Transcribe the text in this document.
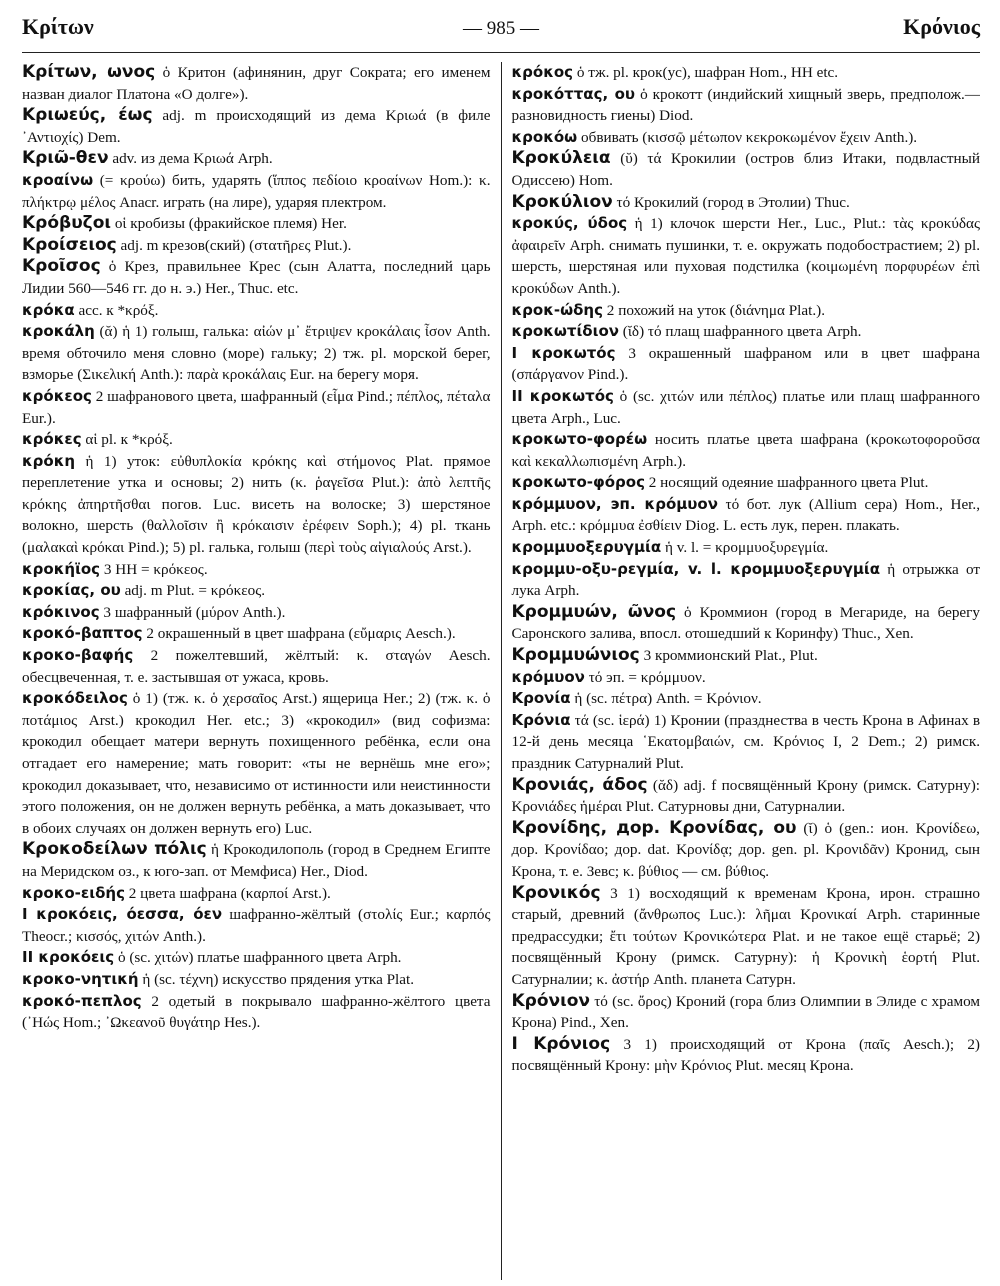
Κρίτων	— 985 —	Κρόνιος

Κρίτων, ωνος ὁ Критон (афинянин, друг Сократа; его именем назван диалог Платона «О долге»).

Κριωεύς, έως adj. m происходящий из дема Κριωά (в филе ᾿Αντιοχίς) Dem.

Κριῶ-θεν adv. из дема Κριωά Arph.

κροαίνω (= κρούω) бить, ударять (ἵππος πεδίοιο κροαίνων Hom.): κ. πλήκτρῳ μέλος Anacr. играть (на лире), ударяя плектром.

Κρόβυζοι οἱ кробизы (фракийское племя) Her.

Κροίσειος adj. m крезов(ский) (στατῆρες Plut.).

Κροῖσος ὁ Крез, правильнее Крес (сын Алатта, последний царь Лидии 560—546 гг. до н. э.) Her., Thuc. etc.

κρόκα acc. к *κρόξ.

κροκάλη (ᾰ) ἡ 1) голыш, галька: αἰών μ᾿ ἔτριψεν κροκάλαις ἶσον Anth. время обточило меня словно (море) гальку; 2) тж. pl. морской берег, взморье (Σικελική Anth.): παρὰ κροκάλαις Eur. на берегу моря.

κρόκεος 2 шафранового цвета, шафранный (εἷμα Pind.; πέπλος, πέταλα Eur.).

κρόκες αἱ pl. к *κρόξ.

κρόκη ἡ 1) уток: εὐθυπλοκία κρόκης καὶ στήμονος Plat. прямое переплетение утка и основы; 2) нить (κ. ῥαγεῖσα Plut.): ἀπὸ λεπτῆς κρόκης ἀπηρτῆσθαι погов. Luc. висеть на волоске; 3) шерстяное волокно, шерсть (θαλλοῖσιν ἢ κρόκαισιν ἐρέφειν Soph.); 4) pl. ткань (μαλακαὶ κρόκαι Pind.); 5) pl. галька, голыш (περὶ τοὺς αἰγιαλούς Arst.).

κροκήϊος 3 HH = κρόκεος.

κροκίας, ου adj. m Plut. = κρόκεος.

κρόκινος 3 шафранный (μύρον Anth.).

κροκό-βαπτος 2 окрашенный в цвет шафрана (εὔμαρις Aesch.).

κροκο-βαφής 2 пожелтевший, жёлтый: κ. σταγών Aesch. обесцвеченная, т. е. застывшая от ужаса, кровь.

κροκόδειλος ὁ 1) (тж. κ. ὁ χερσαῖος Arst.) ящерица Her.; 2) (тж. κ. ὁ ποτάμιος Arst.) крокодил Her. etc.; 3) «крокодил» (вид софизма: крокодил обещает матери вернуть похищенного ребёнка, если она отгадает его намерение; мать говорит: «ты не вернёшь мне его»; крокодил доказывает, что, независимо от истинности или неистинности этого положения, он не должен вернуть ребёнка, а мать доказывает, что в обоих случаях он должен вернуть его) Luc.

Κροκοδείλων πόλις ἡ Крокодилополь (город в Среднем Египте на Меридском оз., к юго-зап. от Мемфиса) Her., Diod.

κροκο-ειδής 2 цвета шафрана (καρποί Arst.).

I κροκόεις, όεσσα, όεν шафранно-жёлтый (στολίς Eur.; καρπός Theocr.; κισσός, χιτών Anth.).

II κροκόεις ὁ (sc. χιτών) платье шафранного цвета Arph.

κροκο-νητική ἡ (sc. τέχνη) искусство прядения утка Plat.

κροκό-πεπλος 2 одетый в покрывало шафранно-жёлтого цвета (᾿Ηώς Hom.; ᾿Ωκεανοῦ θυγάτηρ Hes.).

κρόκος ὁ тж. pl. крок(ус), шафран Hom., HH etc.

κροκόττας, ου ὁ крокотт (индийский хищный зверь, предполож.—разновидность гиены) Diod.

κροκόω обвивать (κισσῷ μέτωπον κεκροκωμένον ἔχειν Anth.).

Κροκύλεια (ῠ) τά Крокилии (остров близ Итаки, подвластный Одиссею) Hom.

Κροκύλιον τό Крокилий (город в Этолии) Thuc.

κροκύς, ύδος ἡ 1) клочок шерсти Her., Luc., Plut.: τὰς κροκύδας ἀφαιρεῖν Arph. снимать пушинки, т. е. окружать подобострастием; 2) pl. шерсть, шерстяная или пуховая подстилка (κοιμωμένη πορφυρέων ἐπὶ κροκύδων Anth.).

κροκ-ώδης 2 похожий на уток (διάνημα Plat.).

κροκωτίδιον (ῐδ) τό плащ шафранного цвета Arph.

I κροκωτός 3 окрашенный шафраном или в цвет шафрана (σπάργανον Pind.).

II κροκωτός ὁ (sc. χιτών или πέπλος) платье или плащ шафранного цвета Arph., Luc.

κροκωτο-φορέω носить платье цвета шафрана (κροκωτοφοροῦσα καὶ κεκαλλωπισμένη Arph.).

κροκωτο-φόρος 2 носящий одеяние шафранного цвета Plut.

κρόμμυον, эп. κρόμυον τό бот. лук (Allium cepa) Hom., Her., Arph. etc.: κρόμμυα ἐσθίειν Diog. L. есть лук, перен. плакать.

κρομμυοξερυγμία ἡ v. l. = κρομμυοξυρεγμία.

κρομμυ-οξυ-ρεγμία, v. l. κρομμυοξερυγμία ἡ отрыжка от лука Arph.

Κρομμυών, ῶνος ὁ Кроммион (город в Мегариде, на берегу Саронского залива, впосл. отошедший к Коринфу) Thuc., Xen.

Κρομμυώνιος 3 кроммионский Plat., Plut.

κρόμυον τό эп. = κρόμμυον.

Κρονία ἡ (sc. πέτρα) Anth. = Κρόνιον.

Κρόνια τά (sc. ἱερά) 1) Кронии (празднества в честь Крона в Афинах в 12-й день месяца ῾Εκατομβαιών, см. Κρόνιος I, 2 Dem.; 2) римск. праздник Сатурналий Plut.

Κρονιάς, άδος (ᾰδ) adj. f посвящённый Крону (римск. Сатурну): Κρονιάδες ἡμέραι Plut. Сатурновы дни, Сатурналии.

Κρονίδης, дор. Κρονίδας, ου (ῐ) ὁ (gen.: ион. Κρονίδεω, дор. Κρονίδαο; дор. dat. Κρονίδᾳ; дор. gen. pl. Κρονιδᾶν) Кронид, сын Крона, т. е. Зевс; κ. βύθιος — см. βύθιος.

Κρονικός 3 1) восходящий к временам Крона, ирон. страшно старый, древний (ἄνθρωπος Luc.): λῆμαι Κρονικαί Arph. старинные предрассудки; ἔτι τούτων Κρονικώτερα Plat. и не такое ещё старьё; 2) посвящённый Крону (римск. Сатурну): ἡ Κρονικὴ ἑορτή Plut. Сатурналии; κ. ἀστήρ Anth. планета Сатурн.

Κρόνιον τό (sc. ὄρος) Кроний (гора близ Олимпии в Элиде с храмом Крона) Pind., Xen.

I Κρόνιος 3 1) происходящий от Крона (παῖς Aesch.); 2) посвящённый Крону: μὴν Κρόνιος Plut. месяц Крона.
